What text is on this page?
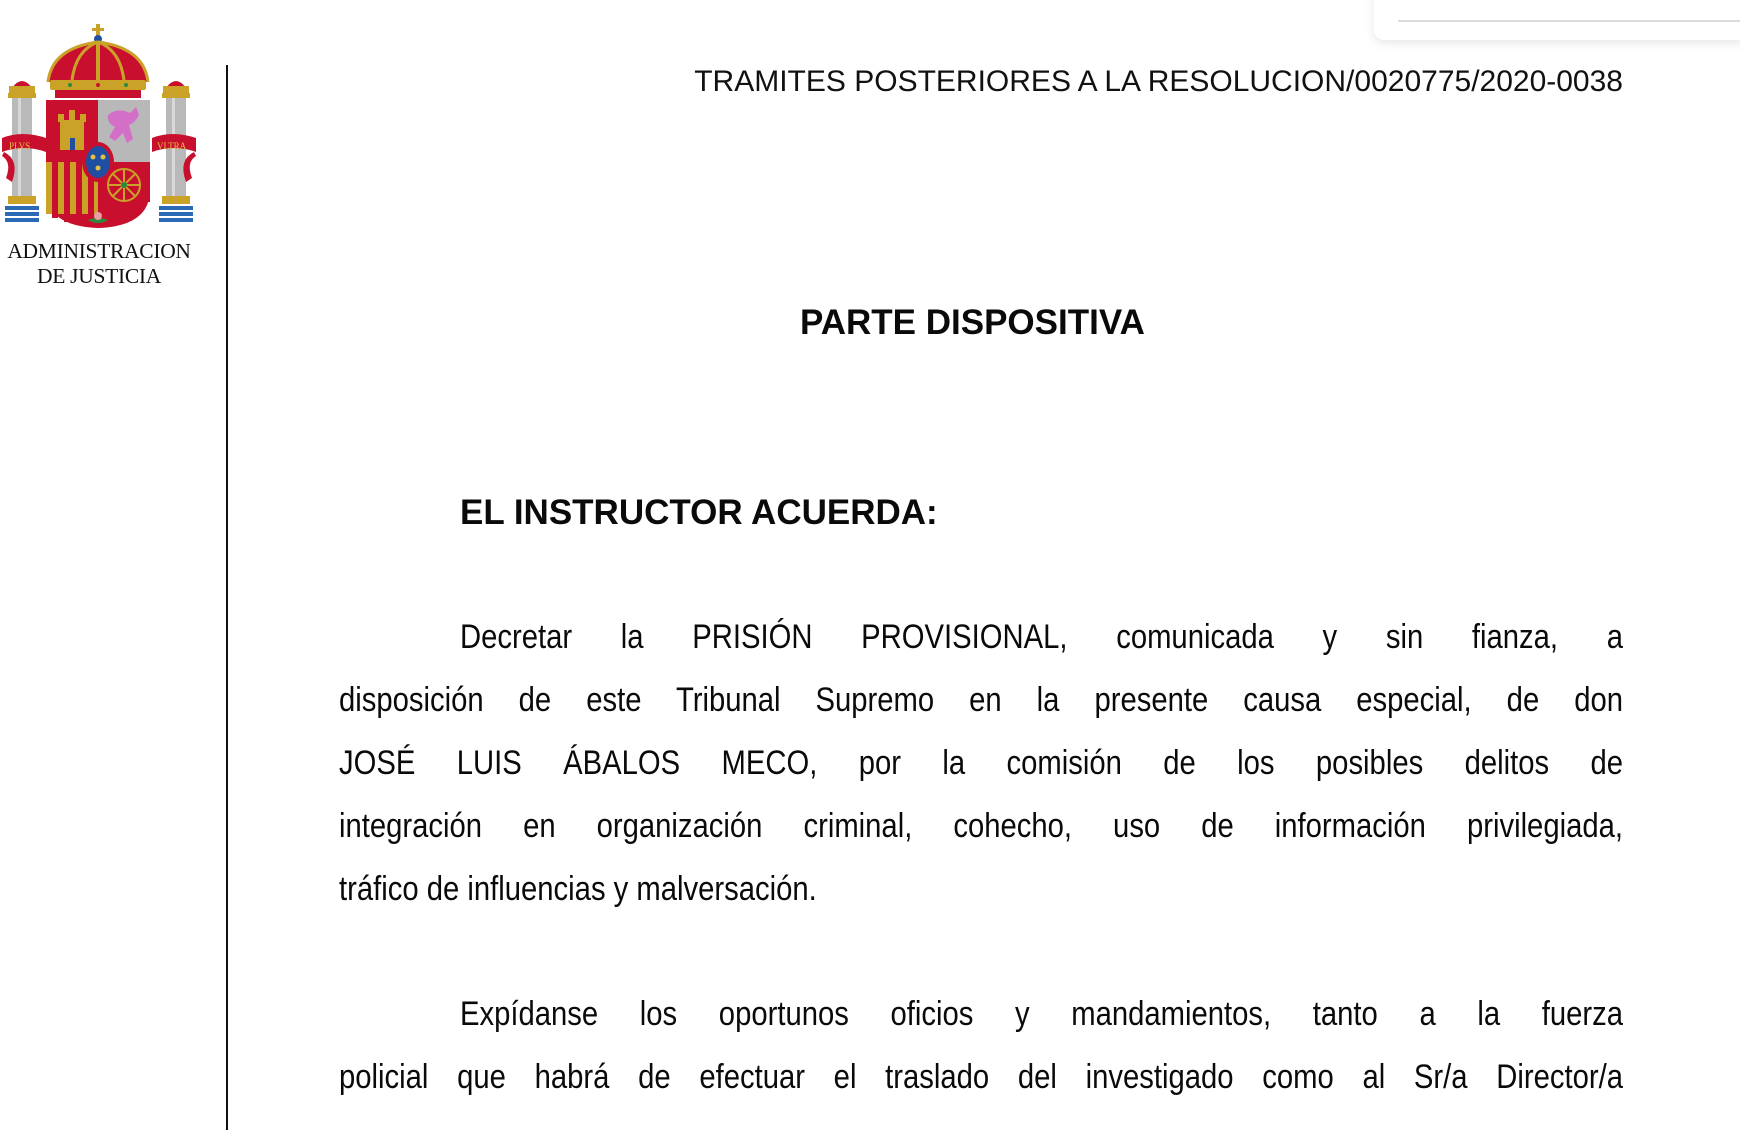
PLVS	VLTRA
ADMINISTRACION
DE JUSTICIA
TRAMITES POSTERIORES A LA RESOLUCION/0020775/2020-0038
PARTE DISPOSITIVA
EL INSTRUCTOR ACUERDA:
Decretar la PRISIÓN PROVISIONAL, comunicada y sin fianza, a
disposición de este Tribunal Supremo en la presente causa especial, de don
JOSÉ LUIS ÁBALOS MECO, por la comisión de los posibles delitos de
integración en organización criminal, cohecho, uso de información privilegiada,
tráfico de influencias y malversación.
Expídanse los oportunos oficios y mandamientos, tanto a la fuerza
policial que habrá de efectuar el traslado del investigado como al Sr/a Director/a
